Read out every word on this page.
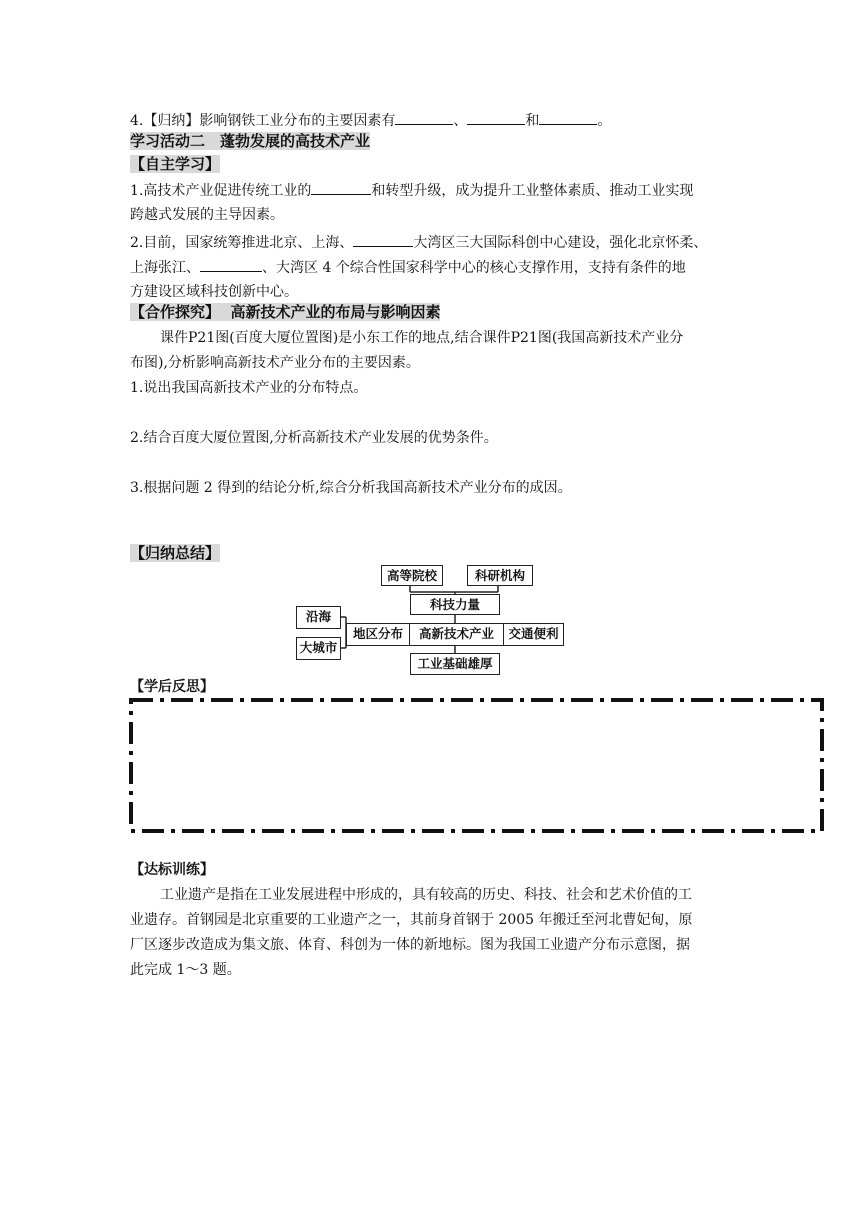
4.【归纳】影响钢铁工业分布的主要因素有	、	和	。
学习活动二　蓬勃发展的高技术产业
【自主学习】
1.高技术产业促进传统工业的	和转型升级，成为提升工业整体素质、推动工业实现
跨越式发展的主导因素。
2.目前，国家统筹推进北京、上海、	大湾区三大国际科创中心建设，强化北京怀柔、
上海张江、	、大湾区 4 个综合性国家科学中心的核心支撑作用，支持有条件的地
方建设区域科技创新中心。
【合作探究】 高新技术产业的布局与影响因素
课件P21图(百度大厦位置图)是小东工作的地点,结合课件P21图(我国高新技术产业分
布图),分析影响高新技术产业分布的主要因素。
1.说出我国高新技术产业的分布特点。
2.结合百度大厦位置图,分析高新技术产业发展的优势条件。
3.根据问题 2 得到的结论分析,综合分析我国高新技术产业分布的成因。
【归纳总结】
高等院校	科研机构
科技力量
沿海
大城市
地区分布	高新技术产业	交通便利
工业基础雄厚
【学后反思】
【达标训练】
工业遗产是指在工业发展进程中形成的，具有较高的历史、科技、社会和艺术价值的工
业遗存。首钢园是北京重要的工业遗产之一，其前身首钢于 2005 年搬迁至河北曹妃甸，原
厂区逐步改造成为集文旅、体育、科创为一体的新地标。图为我国工业遗产分布示意图，据
此完成 1～3 题。
